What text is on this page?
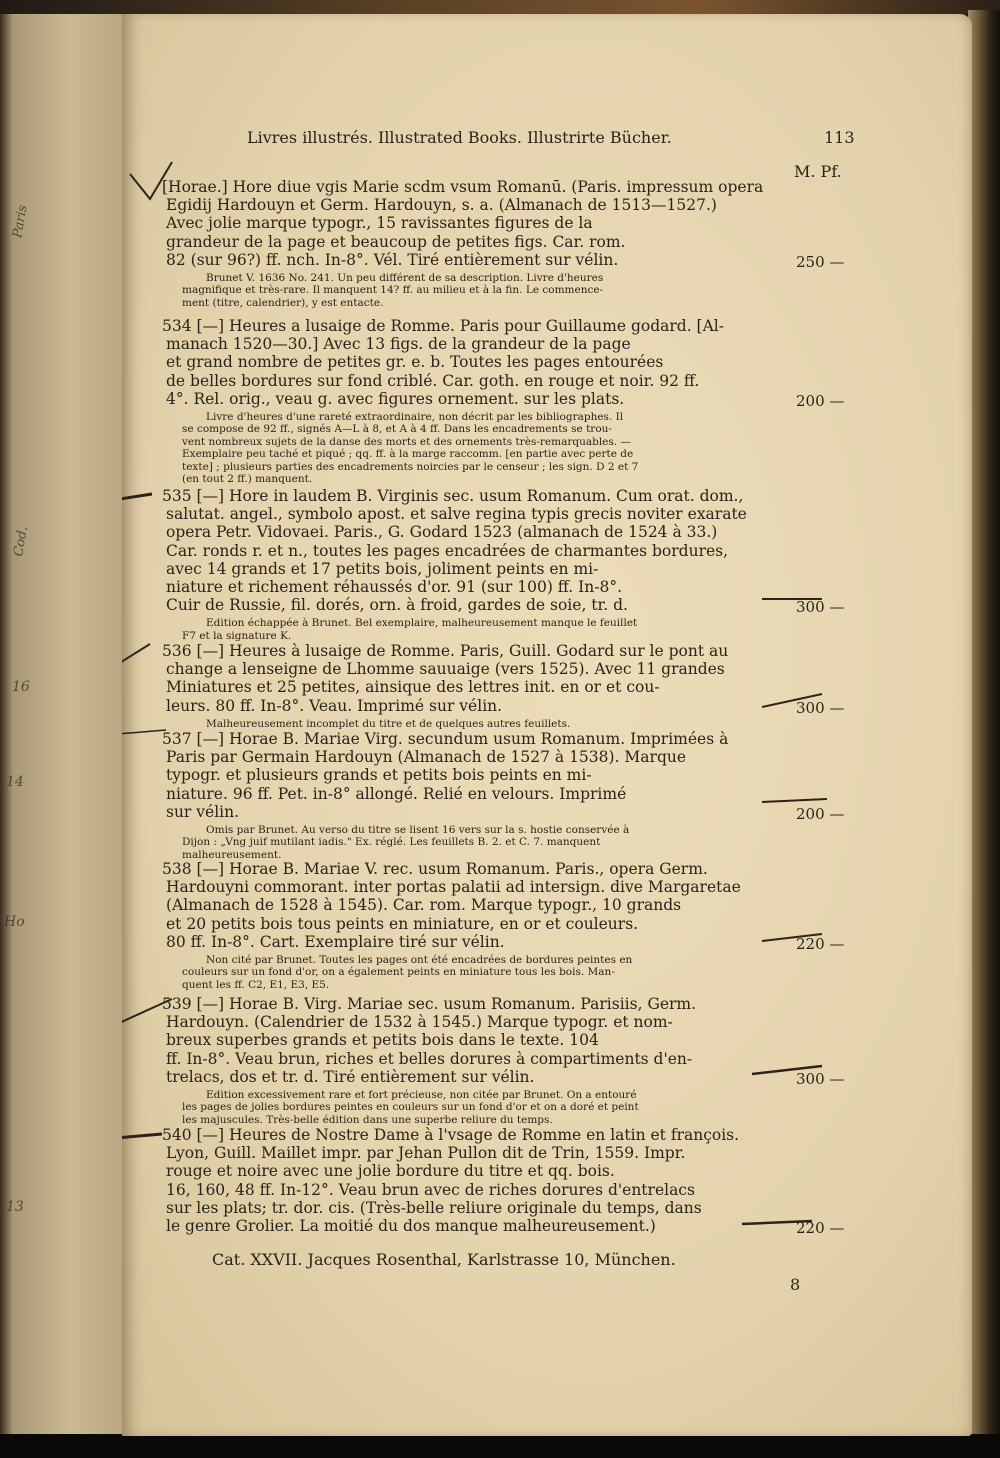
Paris
Cod.
16
14
Ho
13
Livres illustrés. Illustrated Books. Illustrirte Bücher.	113
M. Pf.
[Horae.] Hore diue vgis Marie scdm vsum Romanū. (Paris. impressum opera
Egidij Hardouyn et Germ. Hardouyn, s. a. (Almanach de 1513—1527.)
Avec jolie marque typogr., 15 ravissantes figures de la
grandeur de la page et beaucoup de petites figs. Car. rom.
82 (sur 96?) ff. nch. In-8°. Vél. Tiré entièrement sur vélin.	250 —
Brunet V. 1636 No. 241. Un peu différent de sa description. Livre d'heures
magnifique et très-rare. Il manquent 14? ff. au milieu et à la fin. Le commence-
ment (titre, calendrier), y est entacte.
534 [—] Heures a lusaige de Romme. Paris pour Guillaume godard. [Al-
manach 1520—30.] Avec 13 figs. de la grandeur de la page
et grand nombre de petites gr. e. b. Toutes les pages entourées
de belles bordures sur fond criblé. Car. goth. en rouge et noir. 92 ff.
4°. Rel. orig., veau g. avec figures ornement. sur les plats.	200 —
Livre d'heures d'une rareté extraordinaire, non décrit par les bibliographes. Il
se compose de 92 ff., signés A—L à 8, et A à 4 ff. Dans les encadrements se trou-
vent nombreux sujets de la danse des morts et des ornements très-remarquables. —
Exemplaire peu taché et piqué ; qq. ff. à la marge raccomm. [en partie avec perte de
texte] ; plusieurs parties des encadrements noircies par le censeur ; les sign. D 2 et 7
(en tout 2 ff.) manquent.
535 [—] Hore in laudem B. Virginis sec. usum Romanum. Cum orat. dom.,
salutat. angel., symbolo apost. et salve regina typis grecis noviter exarate
opera Petr. Vidovaei. Paris., G. Godard 1523 (almanach de 1524 à 33.)
Car. ronds r. et n., toutes les pages encadrées de charmantes bordures,
avec 14 grands et 17 petits bois, joliment peints en mi-
niature et richement réhaussés d'or. 91 (sur 100) ff. In-8°.
Cuir de Russie, fil. dorés, orn. à froid, gardes de soie, tr. d.	300 —
Edition échappée à Brunet. Bel exemplaire, malheureusement manque le feuillet
F7 et la signature K.
536 [—] Heures à lusaige de Romme. Paris, Guill. Godard sur le pont au
change a lenseigne de Lhomme sauuaige (vers 1525). Avec 11 grandes
Miniatures et 25 petites, ainsique des lettres init. en or et cou-
leurs. 80 ff. In-8°. Veau. Imprimé sur vélin.	300 —
Malheureusement incomplet du titre et de quelques autres feuillets.
537 [—] Horae B. Mariae Virg. secundum usum Romanum. Imprimées à
Paris par Germain Hardouyn (Almanach de 1527 à 1538). Marque
typogr. et plusieurs grands et petits bois peints en mi-
niature. 96 ff. Pet. in-8° allongé. Relié en velours. Imprimé
sur vélin.	200 —
Omis par Brunet. Au verso du titre se lisent 16 vers sur la s. hostie conservée à
Dijon : „Vng juif mutilant iadis." Ex. réglé. Les feuillets B. 2. et C. 7. manquent
malheureusement.
538 [—] Horae B. Mariae V. rec. usum Romanum. Paris., opera Germ.
Hardouyni commorant. inter portas palatii ad intersign. dive Margaretae
(Almanach de 1528 à 1545). Car. rom. Marque typogr., 10 grands
et 20 petits bois tous peints en miniature, en or et couleurs.
80 ff. In-8°. Cart. Exemplaire tiré sur vélin.	220 —
Non cité par Brunet. Toutes les pages ont été encadrées de bordures peintes en
couleurs sur un fond d'or, on a également peints en miniature tous les bois. Man-
quent les ff. C2, E1, E3, E5.
539 [—] Horae B. Virg. Mariae sec. usum Romanum. Parisiis, Germ.
Hardouyn. (Calendrier de 1532 à 1545.) Marque typogr. et nom-
breux superbes grands et petits bois dans le texte. 104
ff. In-8°. Veau brun, riches et belles dorures à compartiments d'en-
trelacs, dos et tr. d. Tiré entièrement sur vélin.	300 —
Edition excessivement rare et fort précieuse, non citée par Brunet. On a entouré
les pages de jolies bordures peintes en couleurs sur un fond d'or et on a doré et peint
les majuscules. Très-belle édition dans une superbe reliure du temps.
540 [—] Heures de Nostre Dame à l'vsage de Romme en latin et françois.
Lyon, Guill. Maillet impr. par Jehan Pullon dit de Trin, 1559. Impr.
rouge et noire avec une jolie bordure du titre et qq. bois.
16, 160, 48 ff. In-12°. Veau brun avec de riches dorures d'entrelacs
sur les plats; tr. dor. cis. (Très-belle reliure originale du temps, dans
le genre Grolier. La moitié du dos manque malheureusement.)	220 —
Cat. XXVII. Jacques Rosenthal, Karlstrasse 10, München.
8
